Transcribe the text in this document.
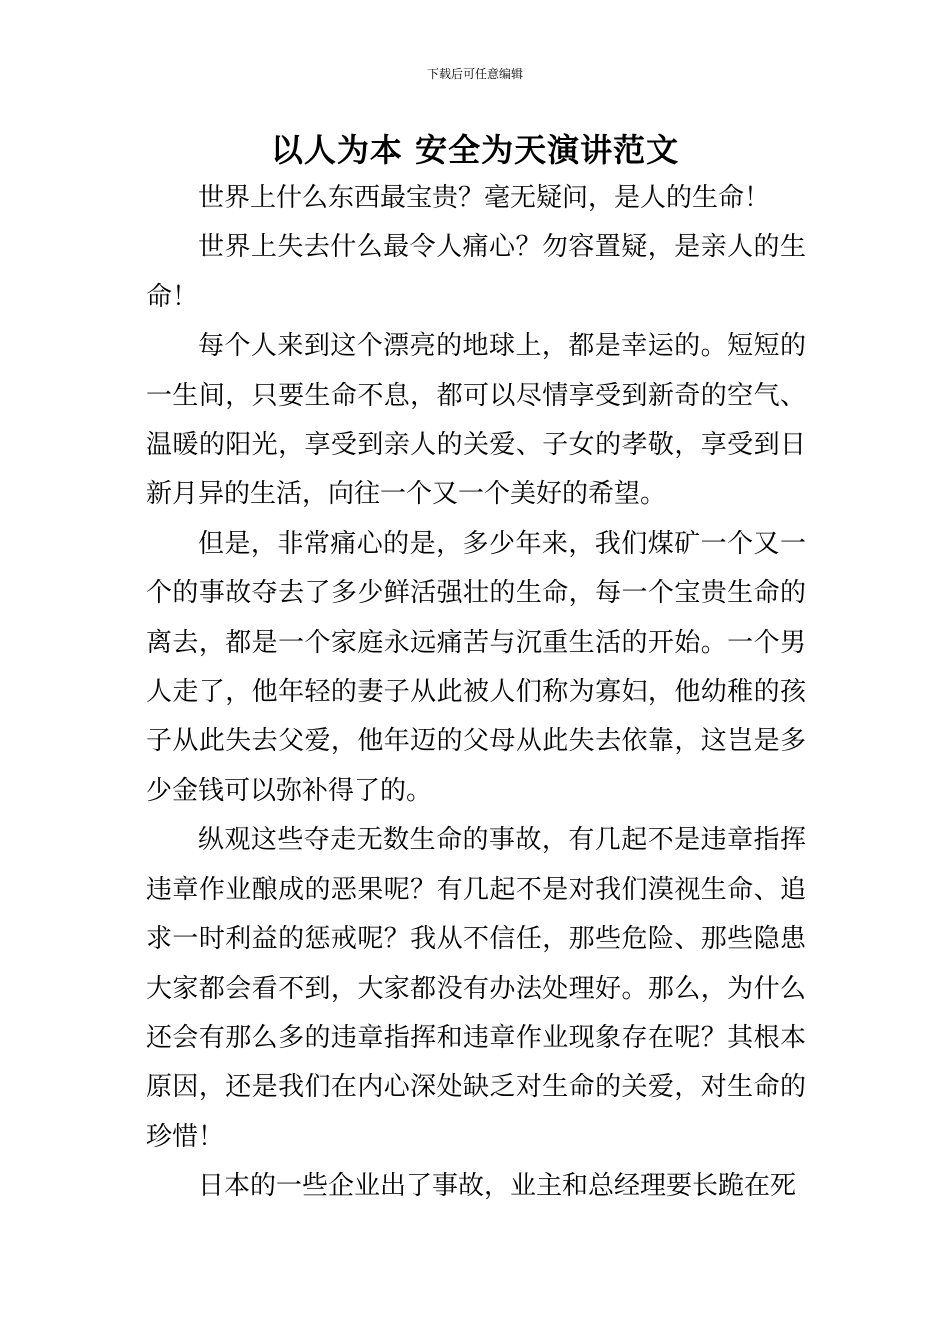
下载后可任意编辑
以人为本 安全为天演讲范文

世界上什么东西最宝贵？毫无疑问，是人的生命！

世界上失去什么最令人痛心？勿容置疑，是亲人的生命！

每个人来到这个漂亮的地球上，都是幸运的。短短的一生间，只要生命不息，都可以尽情享受到新奇的空气、温暖的阳光，享受到亲人的关爱、子女的孝敬，享受到日新月异的生活，向往一个又一个美好的希望。

但是，非常痛心的是，多少年来，我们煤矿一个又一个的事故夺去了多少鲜活强壮的生命，每一个宝贵生命的离去，都是一个家庭永远痛苦与沉重生活的开始。一个男人走了，他年轻的妻子从此被人们称为寡妇，他幼稚的孩子从此失去父爱，他年迈的父母从此失去依靠，这岂是多少金钱可以弥补得了的。

纵观这些夺走无数生命的事故，有几起不是违章指挥违章作业酿成的恶果呢？有几起不是对我们漠视生命、追求一时利益的惩戒呢？我从不信任，那些危险、那些隐患大家都会看不到，大家都没有办法处理好。那么，为什么还会有那么多的违章指挥和违章作业现象存在呢？其根本原因，还是我们在内心深处缺乏对生命的关爱，对生命的珍惜！

日本的一些企业出了事故，业主和总经理要长跪在死
